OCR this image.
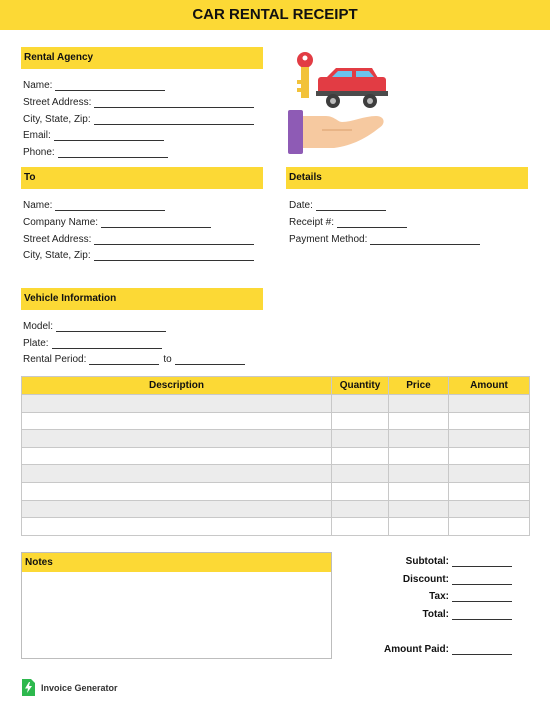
CAR RENTAL RECEIPT
Rental Agency
Name:
Street Address:
City, State, Zip:
Email:
Phone:
To
Name:
Company Name:
Street Address:
City, State, Zip:
Details
Date:
Receipt #:
Payment Method:
Vehicle Information
Model:
Plate:
Rental Period:	to
Description	Quantity	Price	Amount

Notes	Subtotal:
Discount:
Tax:
Total:
Amount Paid:
Invoice Generator
